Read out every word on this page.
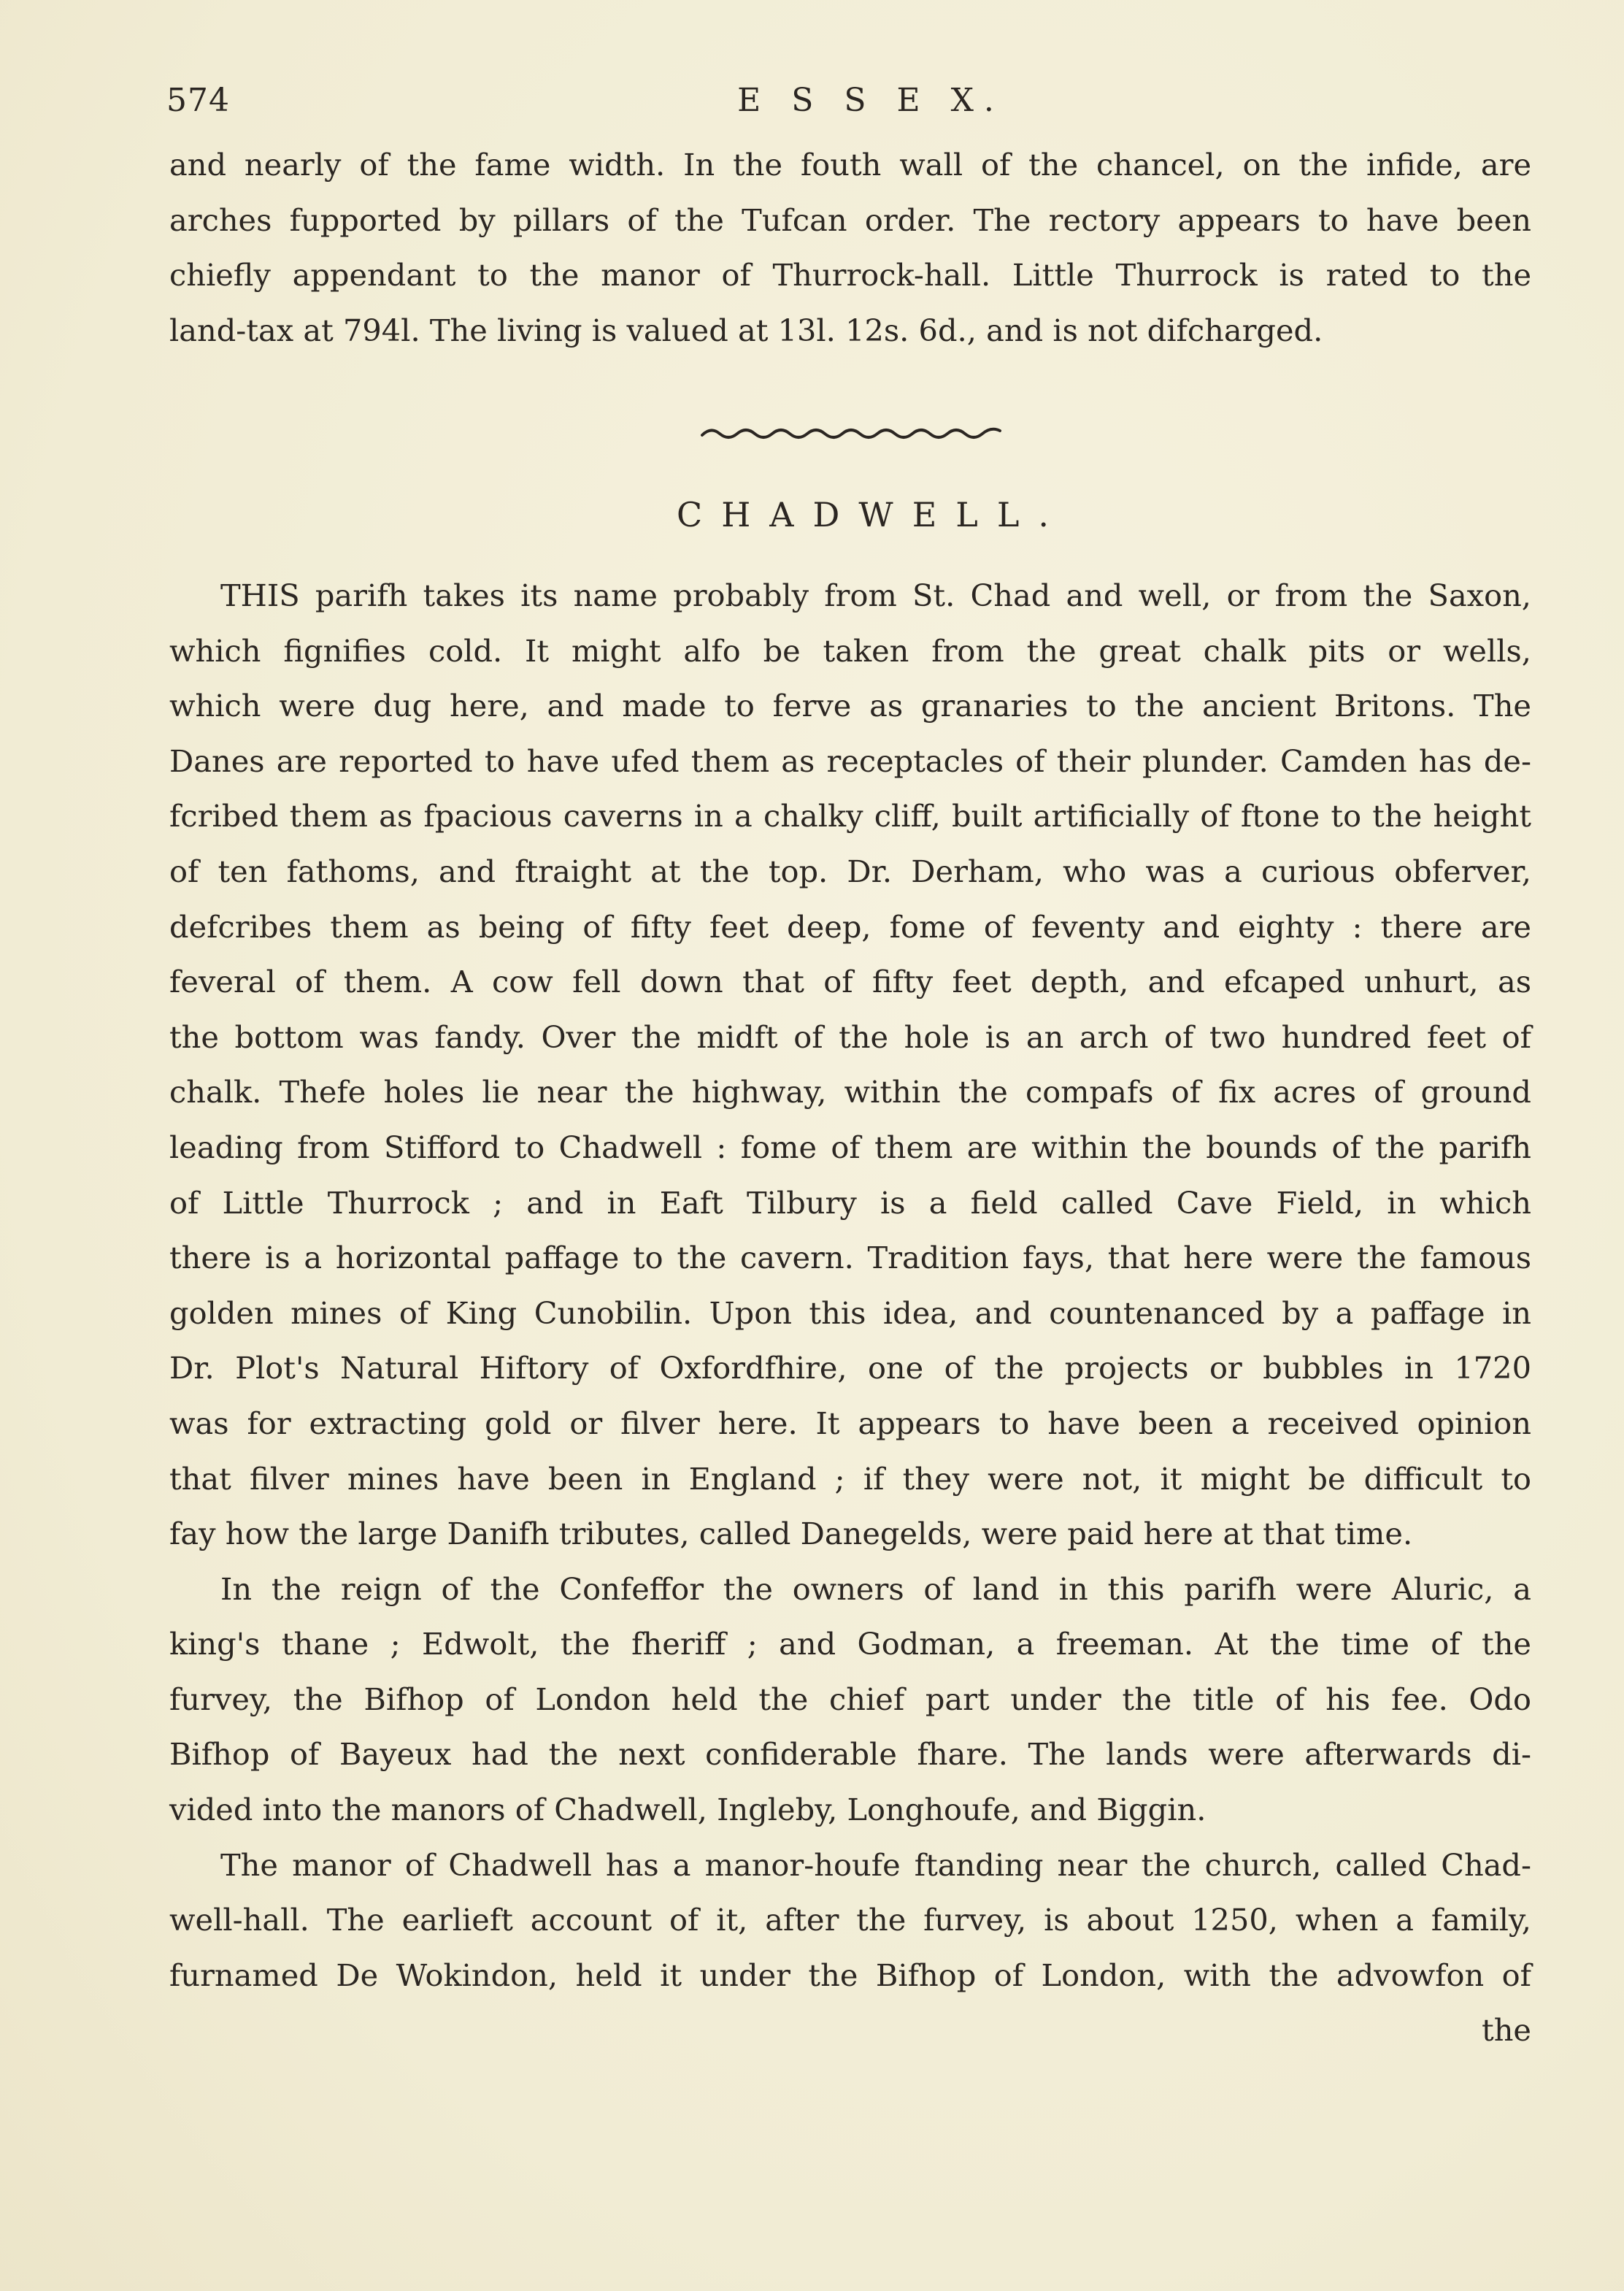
574	E S S E X.
and nearly of the fame width. In the fouth wall of the chancel, on the infide, are
arches fupported by pillars of the Tufcan order. The rectory appears to have been
chiefly appendant to the manor of Thurrock-hall. Little Thurrock is rated to the
land-tax at 794l. The living is valued at 13l. 12s. 6d., and is not difcharged.
CHADWELL.
THIS parifh takes its name probably from St. Chad and well, or from the Saxon,
which fignifies cold. It might alfo be taken from the great chalk pits or wells,
which were dug here, and made to ferve as granaries to the ancient Britons. The
Danes are reported to have ufed them as receptacles of their plunder. Camden has de-
fcribed them as fpacious caverns in a chalky cliff, built artificially of ftone to the height
of ten fathoms, and ftraight at the top. Dr. Derham, who was a curious obferver,
defcribes them as being of fifty feet deep, fome of feventy and eighty : there are
feveral of them. A cow fell down that of fifty feet depth, and efcaped unhurt, as
the bottom was fandy. Over the midft of the hole is an arch of two hundred feet of
chalk. Thefe holes lie near the highway, within the compafs of fix acres of ground
leading from Stifford to Chadwell : fome of them are within the bounds of the parifh
of Little Thurrock ; and in Eaft Tilbury is a field called Cave Field, in which
there is a horizontal paffage to the cavern. Tradition fays, that here were the famous
golden mines of King Cunobilin. Upon this idea, and countenanced by a paffage in
Dr. Plot's Natural Hiftory of Oxfordfhire, one of the projects or bubbles in 1720
was for extracting gold or filver here. It appears to have been a received opinion
that filver mines have been in England ; if they were not, it might be difficult to
fay how the large Danifh tributes, called Danegelds, were paid here at that time.
In the reign of the Confeffor the owners of land in this parifh were Aluric, a
king's thane ; Edwolt, the fheriff ; and Godman, a freeman. At the time of the
furvey, the Bifhop of London held the chief part under the title of his fee. Odo
Bifhop of Bayeux had the next confiderable fhare. The lands were afterwards di-
vided into the manors of Chadwell, Ingleby, Longhoufe, and Biggin.
The manor of Chadwell has a manor-houfe ftanding near the church, called Chad-
well-hall. The earlieft account of it, after the furvey, is about 1250, when a family,
furnamed De Wokindon, held it under the Bifhop of London, with the advowfon of
the
